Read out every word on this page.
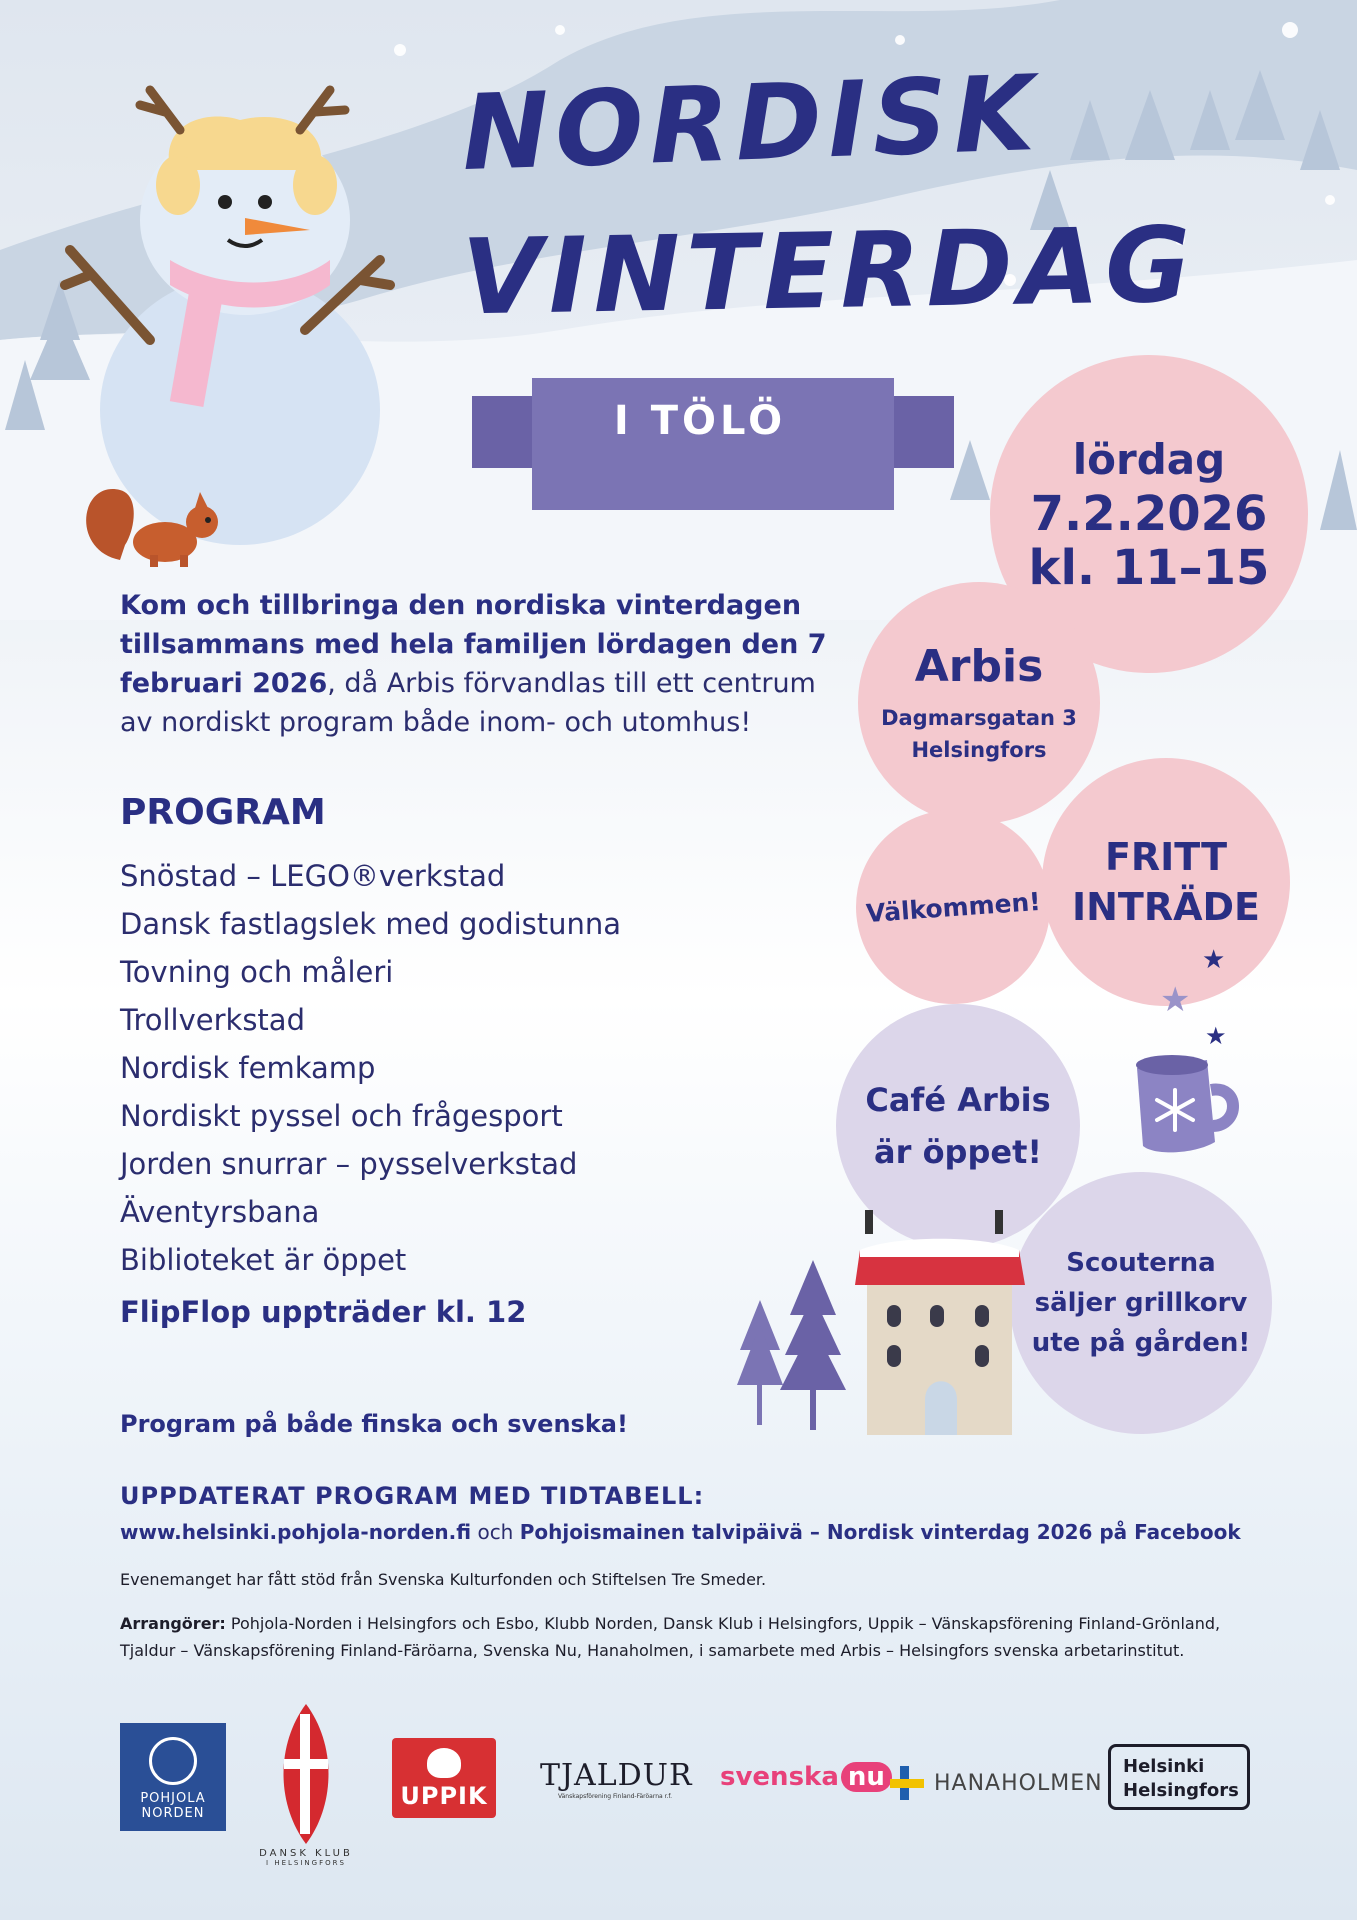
NORDISK
VINTERDAG
I TÖLÖ
Kom och tillbringa den nordiska vinterdagen tillsammans med hela familjen lördagen den 7 februari 2026, då Arbis förvandlas till ett centrum av nordiskt program både inom- och utomhus!
PROGRAM
Snöstad – LEGO®verkstad
Dansk fastlagslek med godistunna
Tovning och måleri
Trollverkstad
Nordisk femkamp
Nordiskt pyssel och frågesport
Jorden snurrar – pysselverkstad
Äventyrsbana
Biblioteket är öppet
FlipFlop uppträder kl. 12
lördag
7.2.2026
kl. 11–15
Arbis
Dagmarsgatan 3
Helsingfors
Välkommen!
FRITT
INTRÄDE
★
★
★
Café Arbis
är öppet!
Scouterna
säljer grillkorv
ute på gården!
Program på både finska och svenska!
UPPDATERAT PROGRAM MED TIDTABELL:
www.helsinki.pohjola-norden.fi och Pohjoismainen talvipäivä – Nordisk vinterdag 2026 på Facebook
Evenemanget har fått stöd från Svenska Kulturfonden och Stiftelsen Tre Smeder.
Arrangörer: Pohjola-Norden i Helsingfors och Esbo, Klubb Norden, Dansk Klub i Helsingfors, Uppik – Vänskapsförening Finland-Grönland, Tjaldur – Vänskapsförening Finland-Färöarna, Svenska Nu, Hanaholmen, i samarbete med Arbis – Helsingfors svenska arbetarinstitut.
POHJOLA
NORDEN
DANSK KLUB
I HELSINGFORS
UPPIK
TJALDUR
Vänskapsförening Finland-Färöarna r.f.
svenska nu	HANAHOLMEN
Helsinki
Helsingfors
